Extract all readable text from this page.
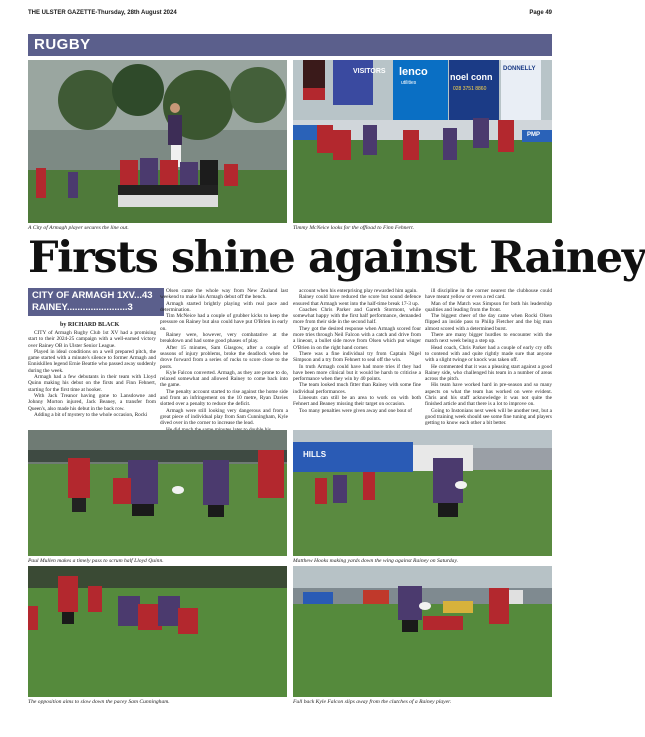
THE ULSTER GAZETTE-Thursday, 28th August 2024	Page 49
RUGBY
A City of Armagh player secures the line out.
VISITORS lenco
utilities
noel conn
028 3751 8860
DONNELLY
PMP
Timmy McNeice looks for the offload to Finn Fehnert.
Firsts shine against Rainey
CITY OF ARMAGH 1XV...43
RAINEY.......................3
by RICHARD BLACK

CITY of Armagh Rugby Club 1st XV had a promising start to their 2024-25 campaign with a well-earned victory over Rainey OB in Ulster Senior League.

Played in ideal conditions on a well prepared pitch, the game started with a minute's silence to former Armagh and Enniskillen legend Ernie Beattie who passed away suddenly during the week.

Armagh had a few debutants in their team with Lloyd Quinn making his debut on the firsts and Finn Fehnert, starting for the first time at hooker.

With Jack Treanor having gone to Lansdowne and Johnny Morton injured, Jack Beaney, a transfer from Queen's, also made his debut in the back row.

Adding a bit of mystery to the whole occasion, Rocki

Olsen came the whole way from New Zealand last weekend to make his Armagh debut off the bench.

Armagh started brightly playing with real pace and determination.

Tim McNeice had a couple of grubber kicks to keep the pressure on Rainey but also could have put O'Brien in early on.

Rainey were, however, very combatative at the breakdown and had some good phases of play.

After 15 minutes, Sam Glasgow, after a couple of seasons of injury problems, broke the deadlock when he drove forward from a series of rucks to score close to the posts.

Kyle Falcon converted. Armagh, as they are prone to do, relaxed somewhat and allowed Rainey to come back into the game.

The penalty account started to rise against the home side and from an infringement on the 10 metre, Ryan Davies slotted over a penalty to reduce the deficit.

Armagh were still looking very dangerous and from a great piece of individual play from Sam Cunningham, Kyle dived over in the corner to increase the lead.

account when his enterprising play rewarded him again.

Rainey could have reduced the score but sound defence ensured that Armagh went into the half-time break 17-3 up.

Coaches Chris Parker and Gareth Stormont, while somewhat happy with the first half performance, demanded more from their side in the second half.

They got the desired response when Armagh scored four more tries through Neil Falcon with a catch and drive from a lineout, a bullet side move from Olsen which put winger O'Brien in on the right hand corner.

There was a fine individual try from Captain Nigel Simpson and a try from Fehnert to seal off the win.

In truth Armagh could have had more tries if they had have been more clinical but it would be harsh to criticise a performance when they win by 40 points.

The team looked much fitter than Rainey with some fine individual performances.

Lineouts can still be an area to work on with both Fehnert and Beaney missing their target on occasion.

Too many penalties were given away and one bout of

ill discipline in the corner nearest the clubhouse could have meant yellow or even a red card.

Man of the Match was Simpson for both his leadership qualities and leading from the front.

The biggest cheer of the day came when Rocki Olsen flipped an inside pass to Philip Fletcher and the big man almost scored with a determined burst.

There are many bigger hurdles to encounter with the match next week being a step up.

Head coach, Chris Parker had a couple of early cry offs to contend with and quite rightly made sure that anyone with a slight twinge or knock was taken off.

He commented that it was a pleasing start against a good Rainey side, who challenged his team in a number of areas across the pitch.

His team have worked hard in pre-season and so many aspects on what the team has worked on were evident. Chris and his staff acknowledge it was not quite the finished article and that there is a lot to improve on.

Going to Instonians next week will be another test, but a good training week should see some fine tuning and players getting to know each other a bit better.

Paul Mullen makes a timely pass to scrum half Lloyd Quinn.
HILLS
Matthew Hooks making yards down the wing against Rainey on Saturday.
The opposition aims to slow down the pacey Sam Cunningham.	Full back Kyle Falcon slips away from the clutches of a Rainey player.
